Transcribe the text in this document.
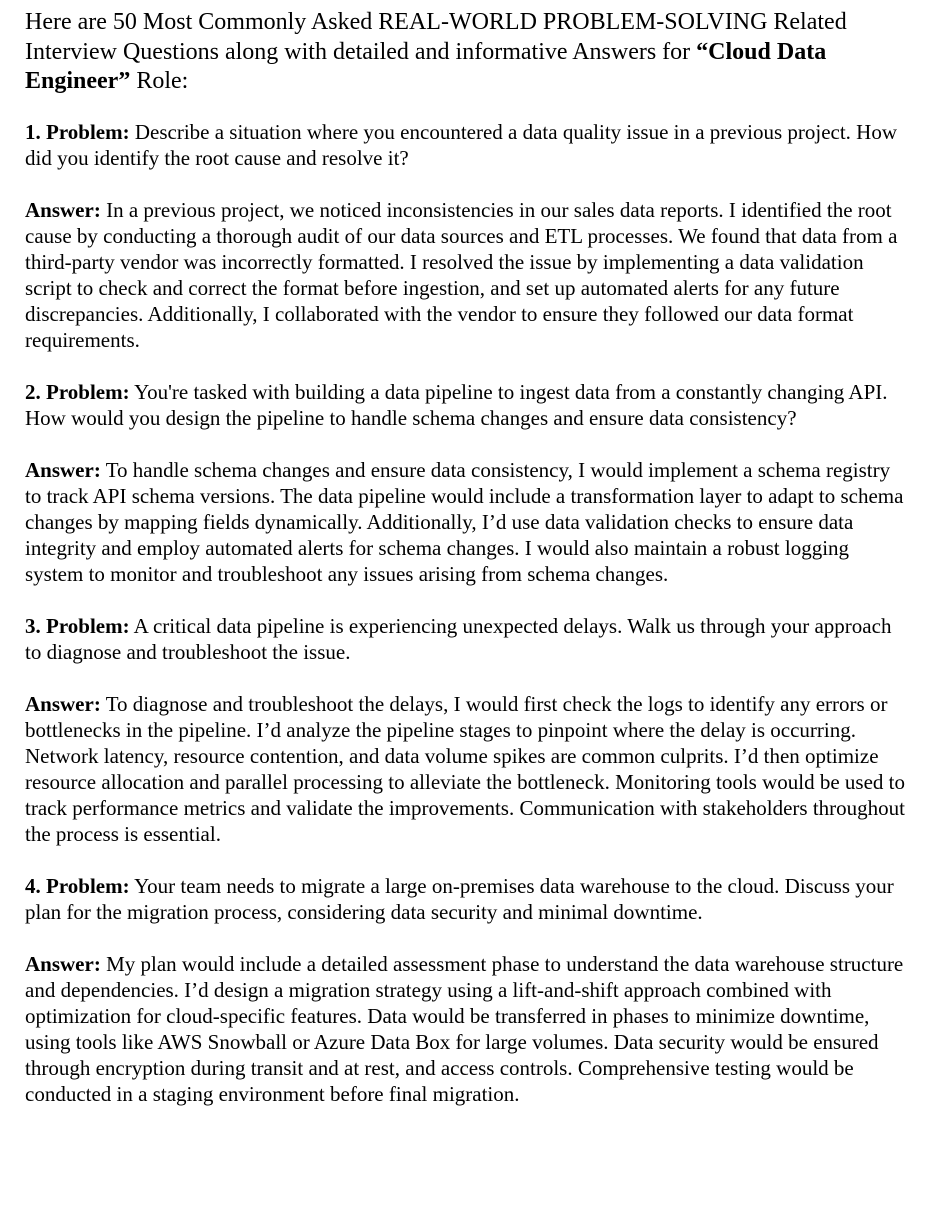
Here are 50 Most Commonly Asked REAL-WORLD PROBLEM-SOLVING Related Interview Questions along with detailed and informative Answers for “Cloud Data Engineer” Role:

1. Problem: Describe a situation where you encountered a data quality issue in a previous project. How did you identify the root cause and resolve it?

Answer: In a previous project, we noticed inconsistencies in our sales data reports. I identified the root cause by conducting a thorough audit of our data sources and ETL processes. We found that data from a third-party vendor was incorrectly formatted. I resolved the issue by implementing a data validation script to check and correct the format before ingestion, and set up automated alerts for any future discrepancies. Additionally, I collaborated with the vendor to ensure they followed our data format requirements.

2. Problem: You're tasked with building a data pipeline to ingest data from a constantly changing API. How would you design the pipeline to handle schema changes and ensure data consistency?

Answer: To handle schema changes and ensure data consistency, I would implement a schema registry to track API schema versions. The data pipeline would include a transformation layer to adapt to schema changes by mapping fields dynamically. Additionally, I’d use data validation checks to ensure data integrity and employ automated alerts for schema changes. I would also maintain a robust logging system to monitor and troubleshoot any issues arising from schema changes.

3. Problem: A critical data pipeline is experiencing unexpected delays. Walk us through your approach to diagnose and troubleshoot the issue.

Answer: To diagnose and troubleshoot the delays, I would first check the logs to identify any errors or bottlenecks in the pipeline. I’d analyze the pipeline stages to pinpoint where the delay is occurring. Network latency, resource contention, and data volume spikes are common culprits. I’d then optimize resource allocation and parallel processing to alleviate the bottleneck. Monitoring tools would be used to track performance metrics and validate the improvements. Communication with stakeholders throughout the process is essential.

4. Problem: Your team needs to migrate a large on-premises data warehouse to the cloud. Discuss your plan for the migration process, considering data security and minimal downtime.

Answer: My plan would include a detailed assessment phase to understand the data warehouse structure and dependencies. I’d design a migration strategy using a lift-and-shift approach combined with optimization for cloud-specific features. Data would be transferred in phases to minimize downtime, using tools like AWS Snowball or Azure Data Box for large volumes. Data security would be ensured through encryption during transit and at rest, and access controls. Comprehensive testing would be conducted in a staging environment before final migration.
